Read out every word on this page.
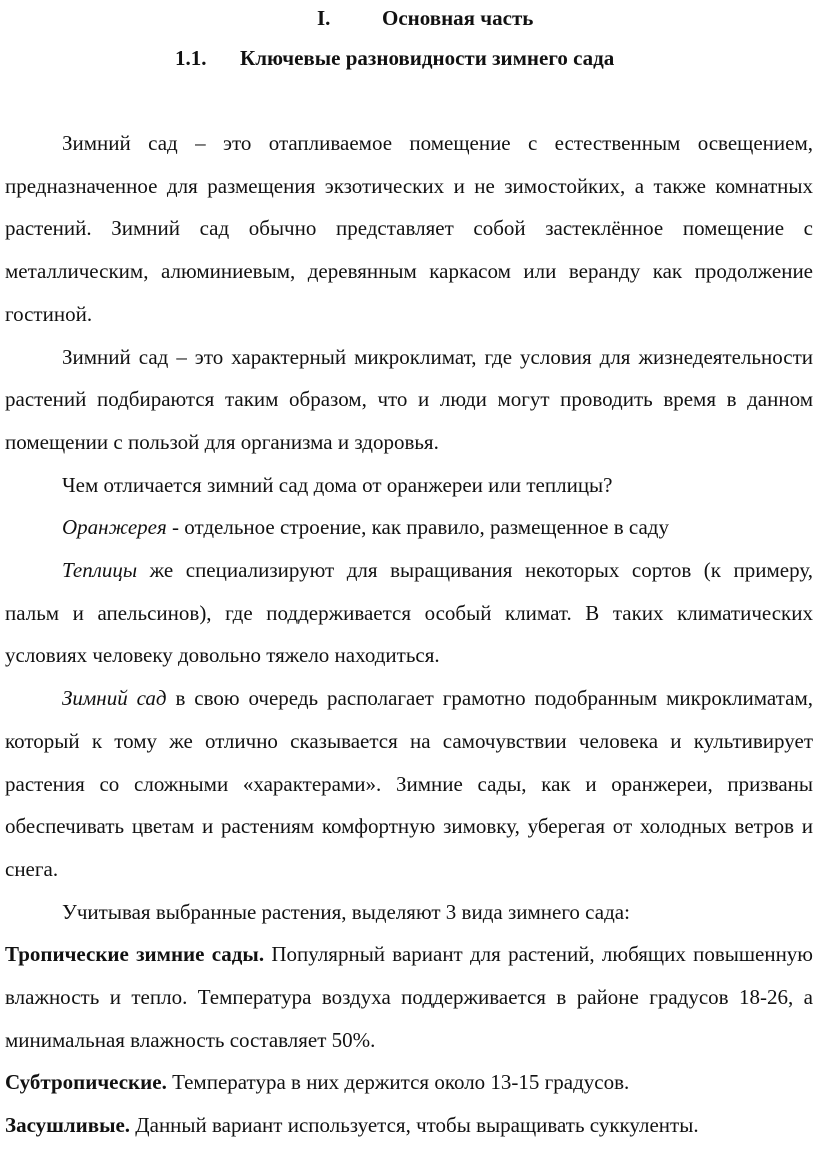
I. Основная часть
1.1. Ключевые разновидности зимнего сада

Зимний сад – это отапливаемое помещение с естественным освещением, предназначенное для размещения экзотических и не зимостойких, а также комнатных растений. Зимний сад обычно представляет собой застеклённое помещение с металлическим, алюминиевым, деревянным каркасом или веранду как продолжение гостиной.

Зимний сад – это характерный микроклимат, где условия для жизнедеятельности растений подбираются таким образом, что и люди могут проводить время в данном помещении с пользой для организма и здоровья.

Чем отличается зимний сад дома от оранжереи или теплицы?

Оранжерея - отдельное строение, как правило, размещенное в саду

Теплицы же специализируют для выращивания некоторых сортов (к примеру, пальм и апельсинов), где поддерживается особый климат. В таких климатических условиях человеку довольно тяжело находиться.

Зимний сад в свою очередь располагает грамотно подобранным микроклиматам, который к тому же отлично сказывается на самочувствии человека и культивирует растения со сложными «характерами». Зимние сады, как и оранжереи, призваны обеспечивать цветам и растениям комфортную зимовку, уберегая от холодных ветров и снега.

Учитывая выбранные растения, выделяют 3 вида зимнего сада:

Тропические зимние сады. Популярный вариант для растений, любящих повышенную влажность и тепло. Температура воздуха поддерживается в районе градусов 18-26, а минимальная влажность составляет 50%.

Субтропические. Температура в них держится около 13-15 градусов.

Засушливые. Данный вариант используется, чтобы выращивать суккуленты.
